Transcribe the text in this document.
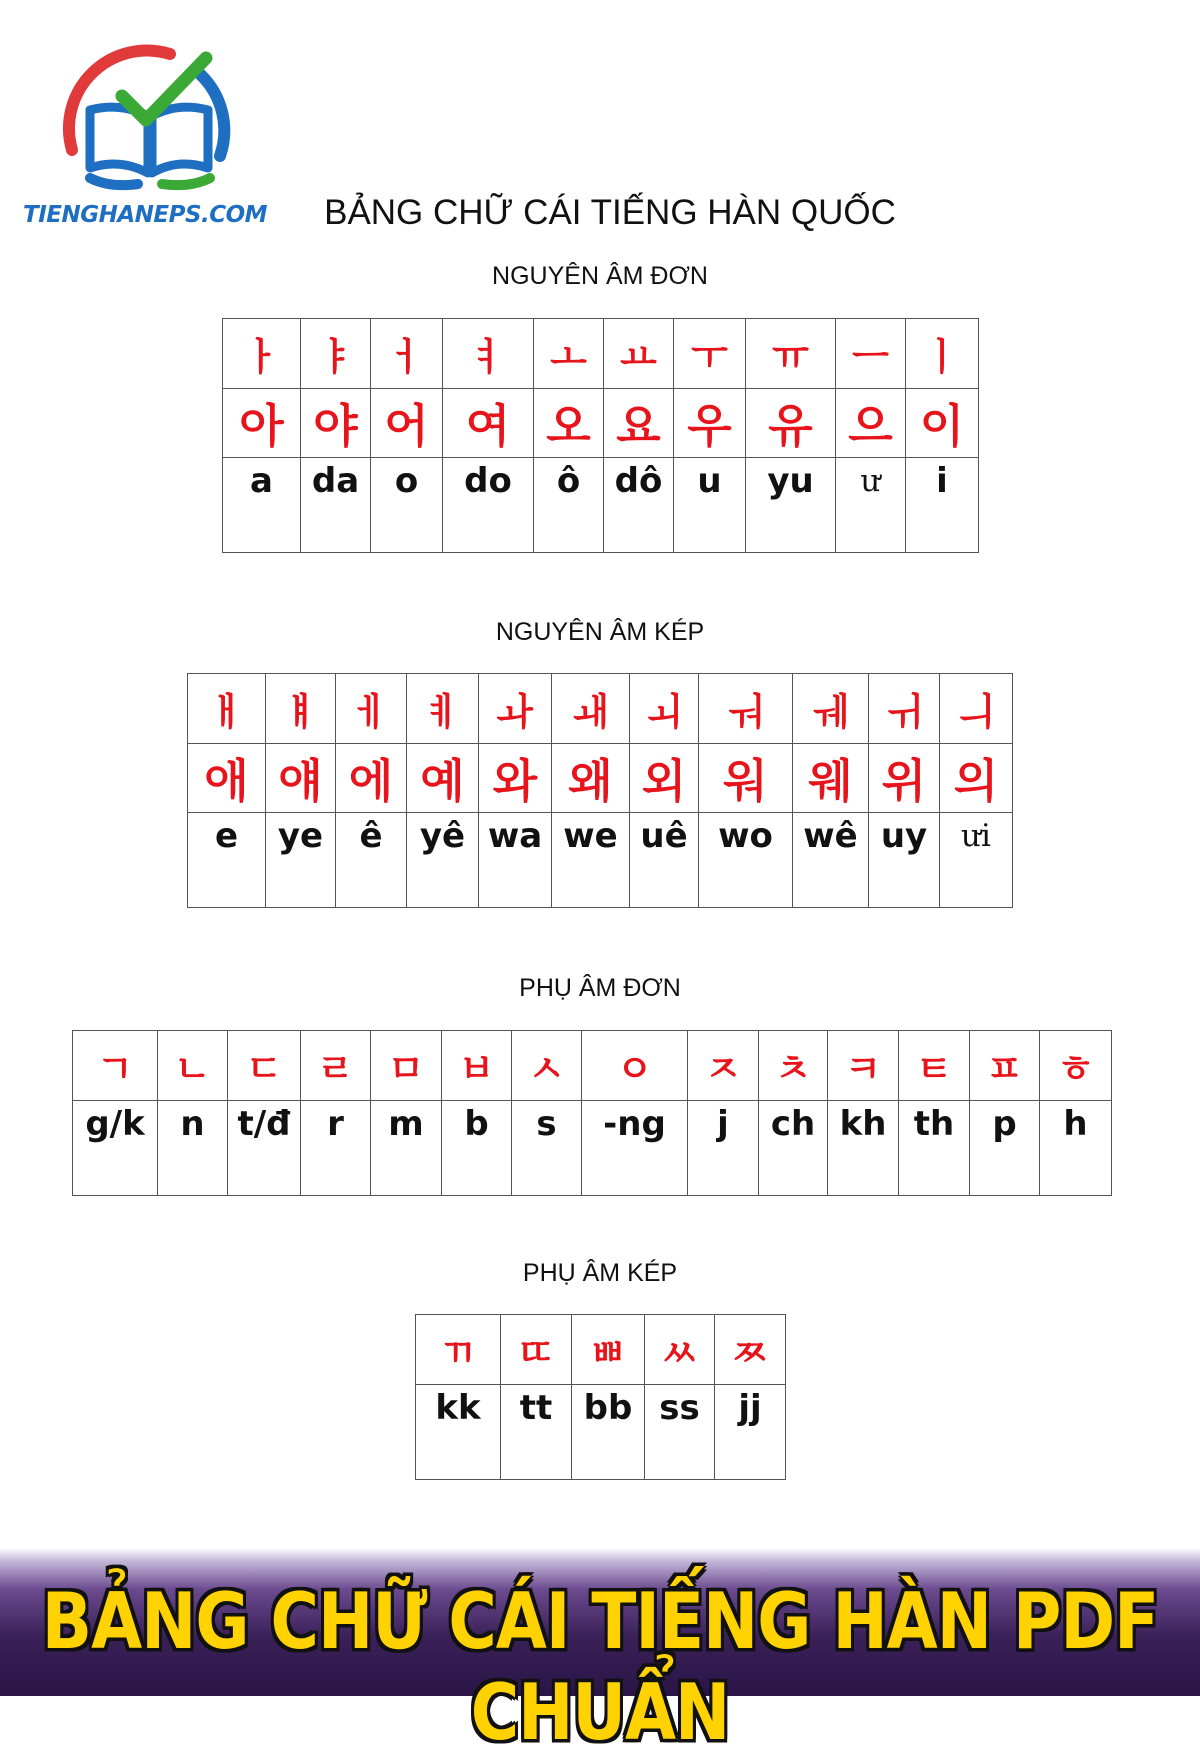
TIENGHANEPS.COM	BẢNG CHỮ CÁI TIẾNG HÀN QUỐC
NGUYÊN ÂM ĐƠN
ㅏ	ㅑ	ㅓ	ㅕ	ㅗ	ㅛ	ㅜ	ㅠ	ㅡ	ㅣ
아	야	어	여	오	요	우	유	으	이
a	da	o	do	ô	dô	u	yu	ư	i
NGUYÊN ÂM KÉP
ㅐ	ㅒ	ㅔ	ㅖ	ㅘ	ㅙ	ㅚ	ㅝ	ㅞ	ㅟ	ㅢ
애	얘	에	예	와	왜	외	워	웨	위	의
e	ye	ê	yê	wa	we	uê	wo	wê	uy	ưi
PHỤ ÂM ĐƠN
ㄱ	ㄴ	ㄷ	ㄹ	ㅁ	ㅂ	ㅅ	ㅇ	ㅈ	ㅊ	ㅋ	ㅌ	ㅍ	ㅎ
g/k	n	t/đ	r	m	b	s	-ng	j	ch	kh	th	p	h
PHỤ ÂM KÉP
ㄲ	ㄸ	ㅃ	ㅆ	ㅉ
kk	tt	bb	ss	jj
BẢNG CHỮ CÁI TIẾNG HÀN PDF CHUẨN
